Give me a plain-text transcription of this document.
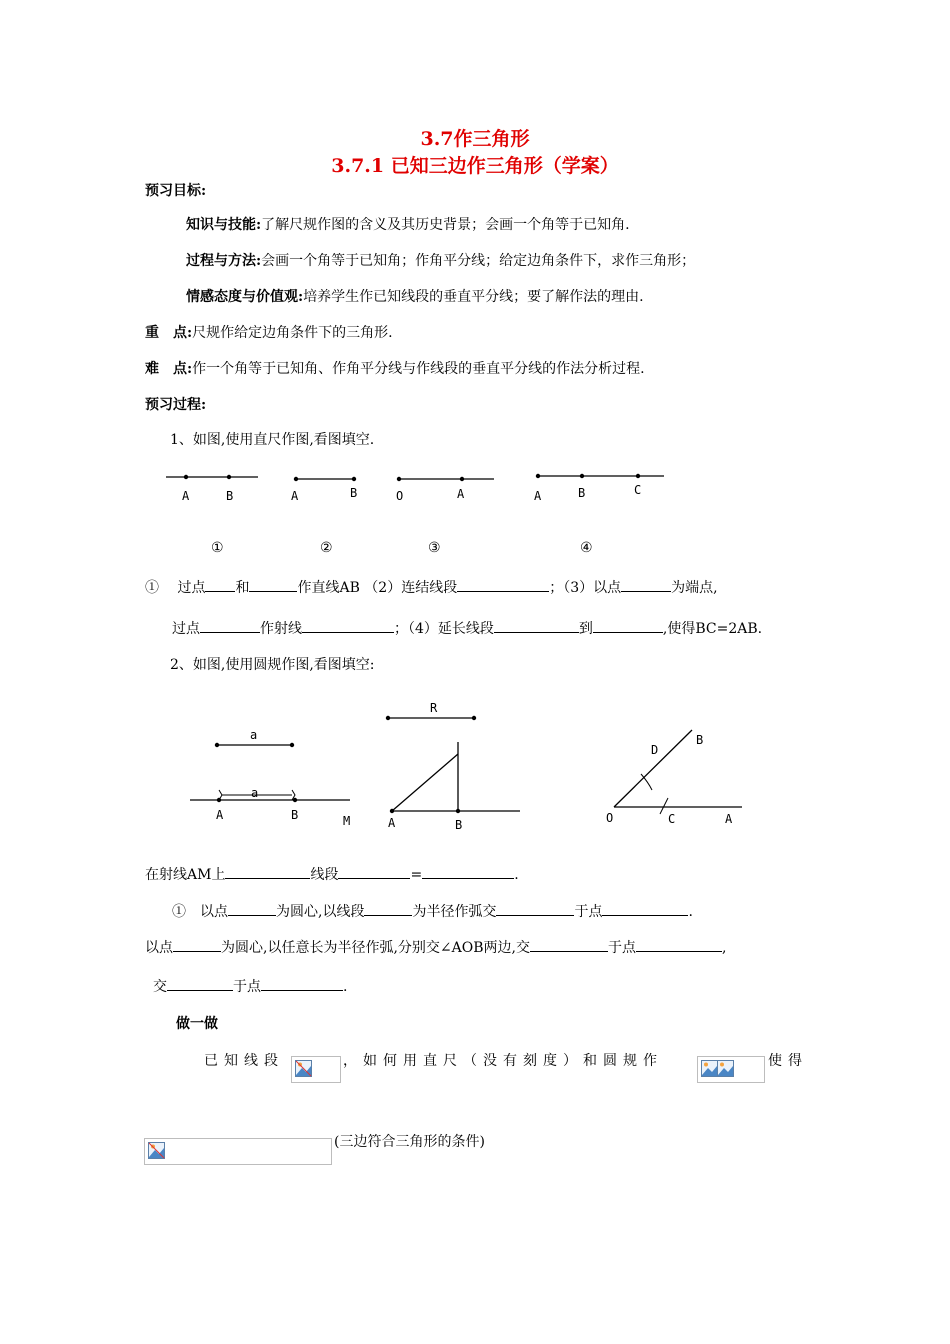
3.7作三角形
3.7.1 已知三边作三角形（学案）
预习目标:
知识与技能:了解尺规作图的含义及其历史背景；会画一个角等于已知角.
过程与方法:会画一个角等于已知角；作角平分线；给定边角条件下，求作三角形；
情感态度与价值观:培养学生作已知线段的垂直平分线；要了解作法的理由.
重　点:尺规作给定边角条件下的三角形.
难　点:作一个角等于已知角、作角平分线与作线段的垂直平分线的作法分析过程.
预习过程:
1、如图,使用直尺作图,看图填空.
A	B	A	B	O	A	A	B	C
①	②	③	④
①　 过点 和	作直线AB （2）连结线段	；（3）以点	为端点,
过点	作射线	；（4）延长线段	到	,使得BC=2AB.
2、如图,使用圆规作图,看图填空:
a
a
A	B	M
R
A	B
D
B
O	C	A
在射线AM上	线段	=	.
①　以点	为圆心,以线段	为半径作弧交	于点	.
以点	为圆心,以任意长为半径作弧,分别交∠AOB两边,交	于点	,
交	于点	.
做一做
已知线段	，如何用直尺（没有刻度）和圆规作	使得
(三边符合三角形的条件)
